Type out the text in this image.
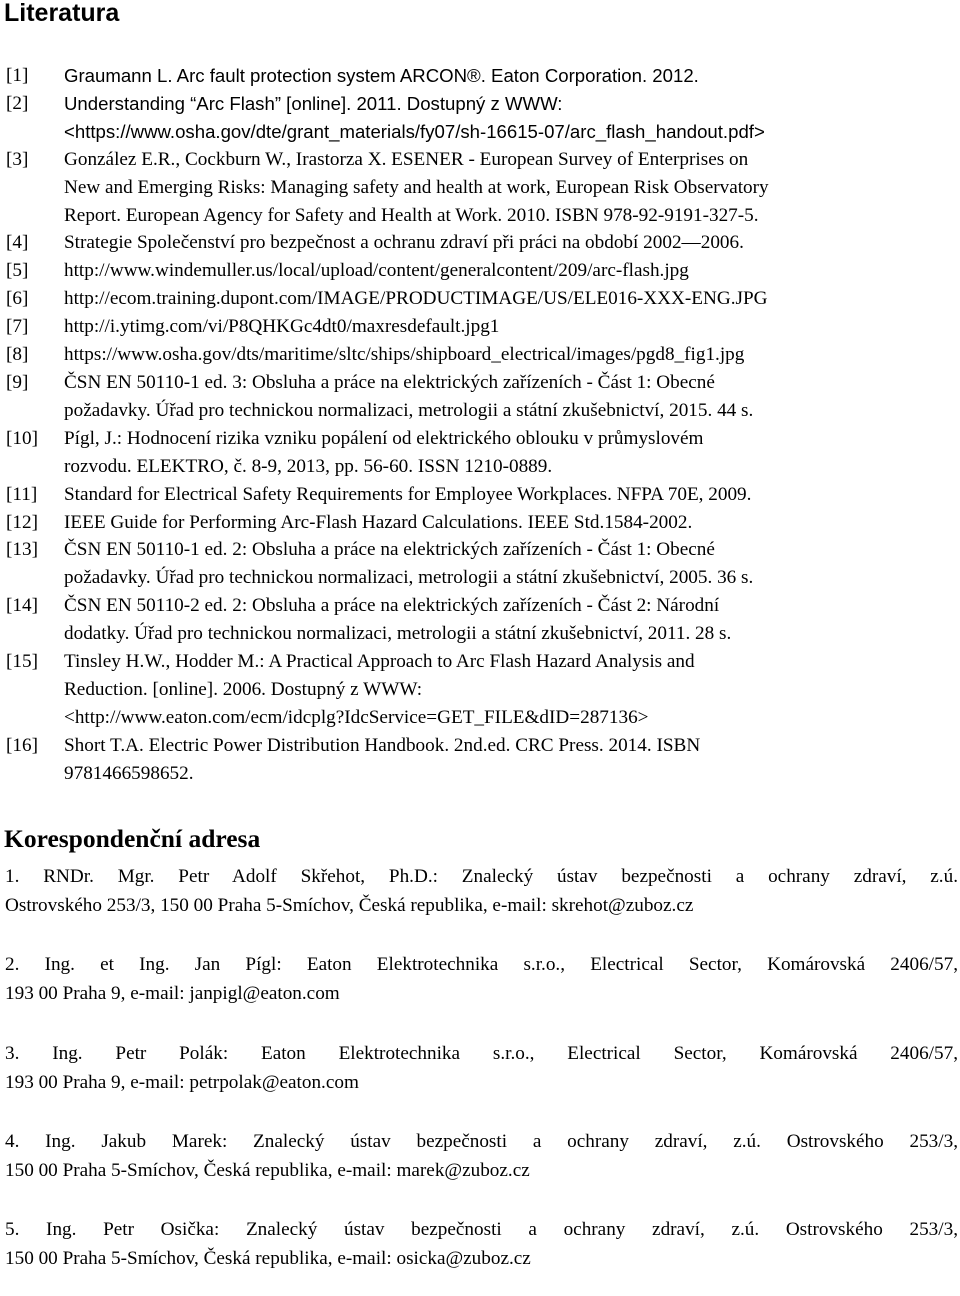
Literatura
[1] Graumann L. Arc fault protection system ARCON®. Eaton Corporation. 2012.
[2] Understanding “Arc Flash” [online]. 2011. Dostupný z WWW:
<https://www.osha.gov/dte/grant_materials/fy07/sh-16615-07/arc_flash_handout.pdf>
[3] González E.R., Cockburn W., Irastorza X. ESENER - European Survey of Enterprises on
New and Emerging Risks: Managing safety and health at work, European Risk Observatory
Report. European Agency for Safety and Health at Work. 2010. ISBN 978-92-9191-327-5.
[4] Strategie Společenství pro bezpečnost a ochranu zdraví při práci na období 2002—2006.
[5] http://www.windemuller.us/local/upload/content/generalcontent/209/arc-flash.jpg
[6] http://ecom.training.dupont.com/IMAGE/PRODUCTIMAGE/US/ELE016-XXX-ENG.JPG
[7] http://i.ytimg.com/vi/P8QHKGc4dt0/maxresdefault.jpg1
[8] https://www.osha.gov/dts/maritime/sltc/ships/shipboard_electrical/images/pgd8_fig1.jpg
[9] ČSN EN 50110-1 ed. 3: Obsluha a práce na elektrických zařízeních - Část 1: Obecné
požadavky. Úřad pro technickou normalizaci, metrologii a státní zkušebnictví, 2015. 44 s.
[10] Pígl, J.: Hodnocení rizika vzniku popálení od elektrického oblouku v průmyslovém
rozvodu. ELEKTRO, č. 8-9, 2013, pp. 56-60. ISSN 1210-0889.
[11] Standard for Electrical Safety Requirements for Employee Workplaces. NFPA 70E, 2009.
[12] IEEE Guide for Performing Arc-Flash Hazard Calculations. IEEE Std.1584-2002.
[13] ČSN EN 50110-1 ed. 2: Obsluha a práce na elektrických zařízeních - Část 1: Obecné
požadavky. Úřad pro technickou normalizaci, metrologii a státní zkušebnictví, 2005. 36 s.
[14] ČSN EN 50110-2 ed. 2: Obsluha a práce na elektrických zařízeních - Část 2: Národní
dodatky. Úřad pro technickou normalizaci, metrologii a státní zkušebnictví, 2011. 28 s.
[15] Tinsley H.W., Hodder M.: A Practical Approach to Arc Flash Hazard Analysis and
Reduction. [online]. 2006. Dostupný z WWW:
<http://www.eaton.com/ecm/idcplg?IdcService=GET_FILE&dID=287136>
[16] Short T.A. Electric Power Distribution Handbook. 2nd.ed. CRC Press. 2014. ISBN
9781466598652.
Korespondenční adresa
1. RNDr. Mgr. Petr Adolf Skřehot, Ph.D.: Znalecký ústav bezpečnosti a ochrany zdraví, z.ú.
Ostrovského 253/3, 150 00 Praha 5-Smíchov, Česká republika, e-mail: skrehot@zuboz.cz
2. Ing. et Ing. Jan Pígl: Eaton Elektrotechnika s.r.o., Electrical Sector, Komárovská 2406/57,
193 00 Praha 9, e-mail: janpigl@eaton.com
3. Ing. Petr Polák: Eaton Elektrotechnika s.r.o., Electrical Sector, Komárovská 2406/57,
193 00 Praha 9, e-mail: petrpolak@eaton.com
4. Ing. Jakub Marek: Znalecký ústav bezpečnosti a ochrany zdraví, z.ú. Ostrovského 253/3,
150 00 Praha 5-Smíchov, Česká republika, e-mail: marek@zuboz.cz
5. Ing. Petr Osička: Znalecký ústav bezpečnosti a ochrany zdraví, z.ú. Ostrovského 253/3,
150 00 Praha 5-Smíchov, Česká republika, e-mail: osicka@zuboz.cz
